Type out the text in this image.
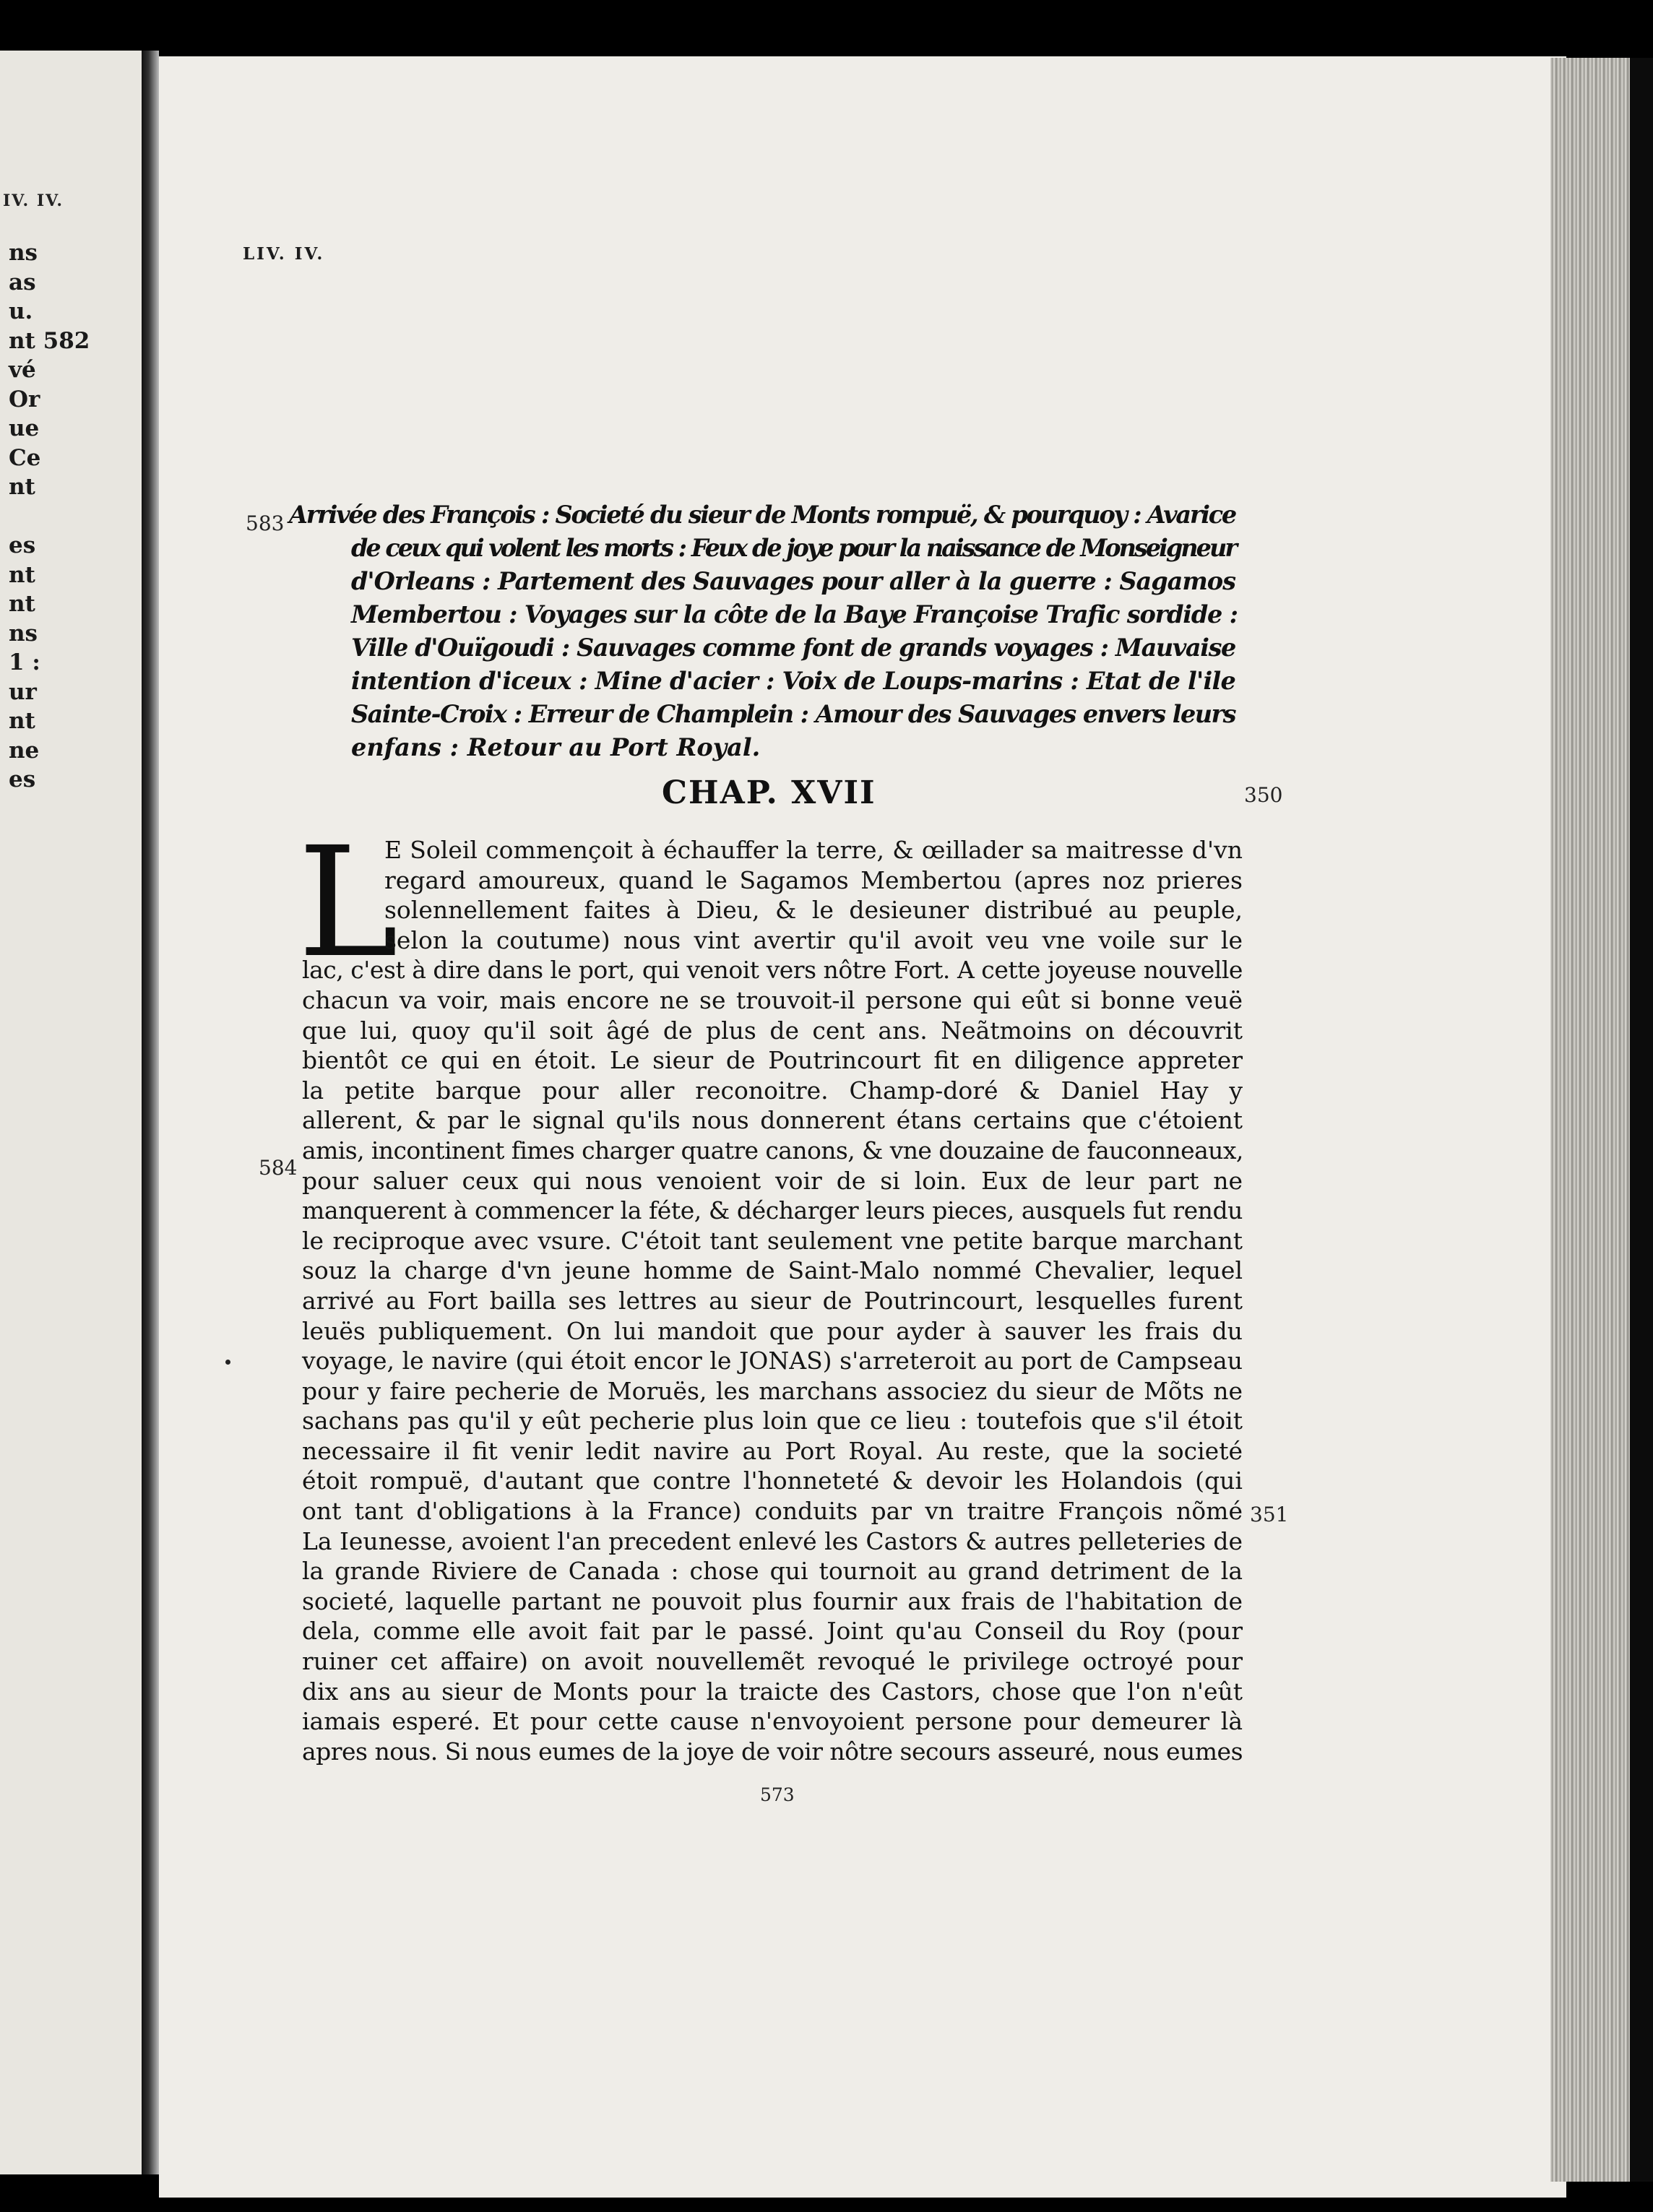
ns
as
u.
nt 582
vé
Or
ue
Ce
nt

es
nt
nt
ns
1 :
ur
nt
ne
es
IV. IV.
LIV. IV.
583 Arrivée des François : Societé du sieur de Monts rompuë, & pourquoy : Avarice
de ceux qui volent les morts : Feux de joye pour la naissance de Monseigneur
d'Orleans : Partement des Sauvages pour aller à la guerre : Sagamos
Membertou : Voyages sur la côte de la Baye Françoise Trafic sordide :
Ville d'Ouïgoudi : Sauvages comme font de grands voyages : Mauvaise
intention d'iceux : Mine d'acier : Voix de Loups-marins : Etat de l'ile
Sainte-Croix : Erreur de Champlein : Amour des Sauvages envers leurs
enfans : Retour au Port Royal.
CHAP. XVII	350
L
E Soleil commençoit à échauffer la terre, & œillader sa maitresse d'vn
regard amoureux, quand le Sagamos Membertou (apres noz prieres
solennellement faites à Dieu, & le desieuner distribué au peuple,
selon la coutume) nous vint avertir qu'il avoit veu vne voile sur le
lac, c'est à dire dans le port, qui venoit vers nôtre Fort. A cette joyeuse nouvelle
chacun va voir, mais encore ne se trouvoit-il persone qui eût si bonne veuë
que lui, quoy qu'il soit âgé de plus de cent ans. Neãtmoins on découvrit
bientôt ce qui en étoit. Le sieur de Poutrincourt fit en diligence appreter
la petite barque pour aller reconoitre. Champ-doré & Daniel Hay y
allerent, & par le signal qu'ils nous donnerent étans certains que c'étoient
amis, incontinent fimes charger quatre canons, & vne douzaine de fauconneaux,
pour saluer ceux qui nous venoient voir de si loin. Eux de leur part ne
manquerent à commencer la féte, & décharger leurs pieces, ausquels fut rendu
le reciproque avec vsure. C'étoit tant seulement vne petite barque marchant
souz la charge d'vn jeune homme de Saint-Malo nommé Chevalier, lequel
arrivé au Fort bailla ses lettres au sieur de Poutrincourt, lesquelles furent
leuës publiquement. On lui mandoit que pour ayder à sauver les frais du
voyage, le navire (qui étoit encor le JONAS) s'arreteroit au port de Campseau
pour y faire pecherie de Moruës, les marchans associez du sieur de Mõts ne
sachans pas qu'il y eût pecherie plus loin que ce lieu : toutefois que s'il étoit
necessaire il fit venir ledit navire au Port Royal. Au reste, que la societé
étoit rompuë, d'autant que contre l'honneteté & devoir les Holandois (qui
ont tant d'obligations à la France) conduits par vn traitre François nõmé
La Ieunesse, avoient l'an precedent enlevé les Castors & autres pelleteries de
la grande Riviere de Canada : chose qui tournoit au grand detriment de la
societé, laquelle partant ne pouvoit plus fournir aux frais de l'habitation de
dela, comme elle avoit fait par le passé. Joint qu'au Conseil du Roy (pour
ruiner cet affaire) on avoit nouvellemẽt revoqué le privilege octroyé pour
dix ans au sieur de Monts pour la traicte des Castors, chose que l'on n'eût
iamais esperé. Et pour cette cause n'envoyoient persone pour demeurer là
apres nous. Si nous eumes de la joye de voir nôtre secours asseuré, nous eumes
584
351
573
